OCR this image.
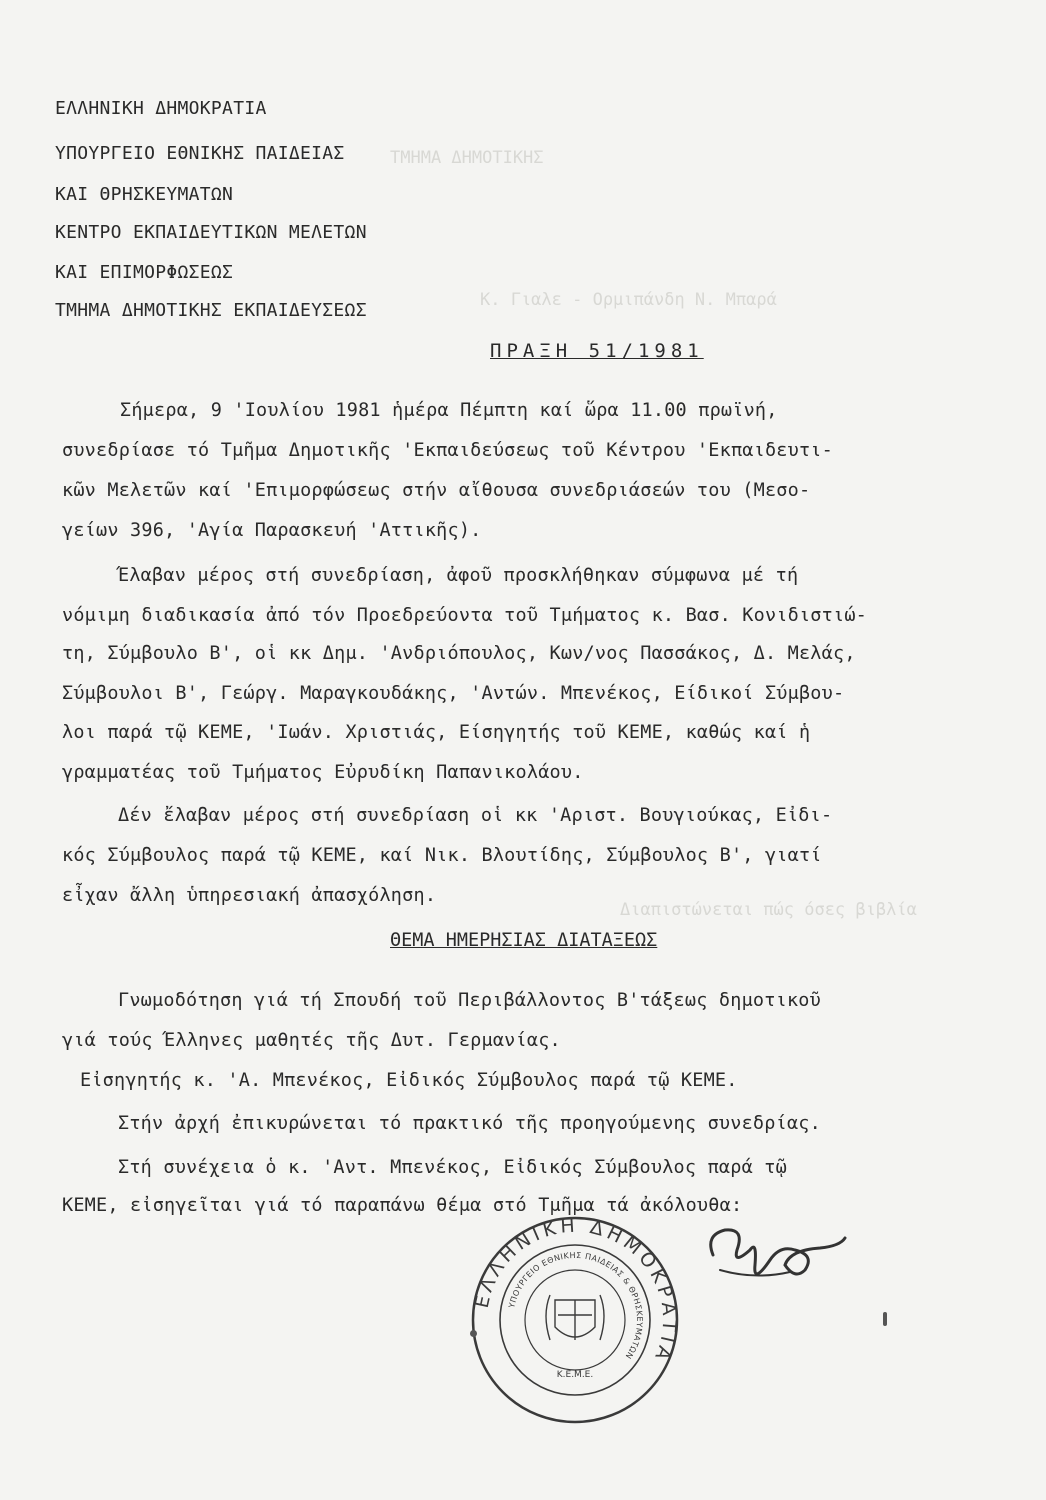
ΤΜΗΜΑ ΔΗΜΟΤΙΚΗΣ
Κ. Γιαλε - Ορμιπάνδη Ν. Μπαρά
Διαπιστώνεται πώς όσες βιβλία
ΕΛΛΗΝΙΚΗ ΔΗΜΟΚΡΑΤΙΑ
ΥΠΟΥΡΓΕΙΟ ΕΘΝΙΚΗΣ ΠΑΙΔΕΙΑΣ
ΚΑΙ ΘΡΗΣΚΕΥΜΑΤΩΝ
ΚΕΝΤΡΟ ΕΚΠΑΙΔΕΥΤΙΚΩΝ ΜΕΛΕΤΩΝ
ΚΑΙ ΕΠΙΜΟΡΦΩΣΕΩΣ
ΤΜΗΜΑ ΔΗΜΟΤΙΚΗΣ ΕΚΠΑΙΔΕΥΣΕΩΣ
ΠΡΑΞΗ 51/1981
Σήμερα, 9 'Ιουλίου 1981 ἡμέρα Πέμπτη καί ὥρα 11.00 πρωϊνή,
συνεδρίασε τό Τμῆμα Δημοτικῆς 'Εκπαιδεύσεως τοῦ Κέντρου 'Εκπαιδευτι-
κῶν Μελετῶν καί 'Επιμορφώσεως στήν αἴθουσα συνεδριάσεών του (Μεσο-
γείων 396, 'Αγία Παρασκευή 'Αττικῆς).
Έλαβαν μέρος στή συνεδρίαση, ἀφοῦ προσκλήθηκαν σύμφωνα μέ τή
νόμιμη διαδικασία ἀπό τόν Προεδρεύοντα τοῦ Τμήματος κ. Βασ. Κονιδιστιώ-
τη, Σύμβουλο Β', οἱ κκ Δημ. 'Ανδριόπουλος, Κων/νος Πασσάκος, Δ. Μελάς,
Σύμβουλοι Β', Γεώργ. Μαραγκουδάκης, 'Αντών. Μπενέκος, Είδικοί Σύμβου-
λοι παρά τῷ ΚΕΜΕ, 'Ιωάν. Χριστιάς, Είσηγητής τοῦ ΚΕΜΕ, καθώς καί ἡ
γραμματέας τοῦ Τμήματος Εὐρυδίκη Παπανικολάου.
Δέν ἔλαβαν μέρος στή συνεδρίαση οἱ κκ 'Αριστ. Βουγιούκας, Εἰδι-
κός Σύμβουλος παρά τῷ ΚΕΜΕ, καί Νικ. Βλουτίδης, Σύμβουλος Β', γιατί
εἶχαν ἄλλη ὑπηρεσιακή ἀπασχόληση.
ΘΕΜΑ ΗΜΕΡΗΣΙΑΣ ΔΙΑΤΑΞΕΩΣ
Γνωμοδότηση γιά τή Σπουδή τοῦ Περιβάλλοντος Β'τάξεως δημοτικοῦ
γιά τούς Έλληνες μαθητές τῆς Δυτ. Γερμανίας.
Εἰσηγητής κ. 'Α. Μπενέκος, Εἰδικός Σύμβουλος παρά τῷ ΚΕΜΕ.
Στήν ἀρχή ἐπικυρώνεται τό πρακτικό τῆς προηγούμενης συνεδρίας.
Στή συνέχεια ὁ κ. 'Αντ. Μπενέκος, Εἰδικός Σύμβουλος παρά τῷ
ΚΕΜΕ, εἰσηγεῖται γιά τό παραπάνω θέμα στό Τμῆμα τά ἀκόλουθα:
ΕΛΛΗΝΙΚΗ ΔΗΜΟΚΡΑΤΙΑ
ΥΠΟΥΡΓΕΙΟ ΕΘΝΙΚΗΣ ΠΑΙΔΕΙΑΣ & ΘΡΗΣΚΕΥΜΑΤΩΝ
Κ.Ε.Μ.Ε.
